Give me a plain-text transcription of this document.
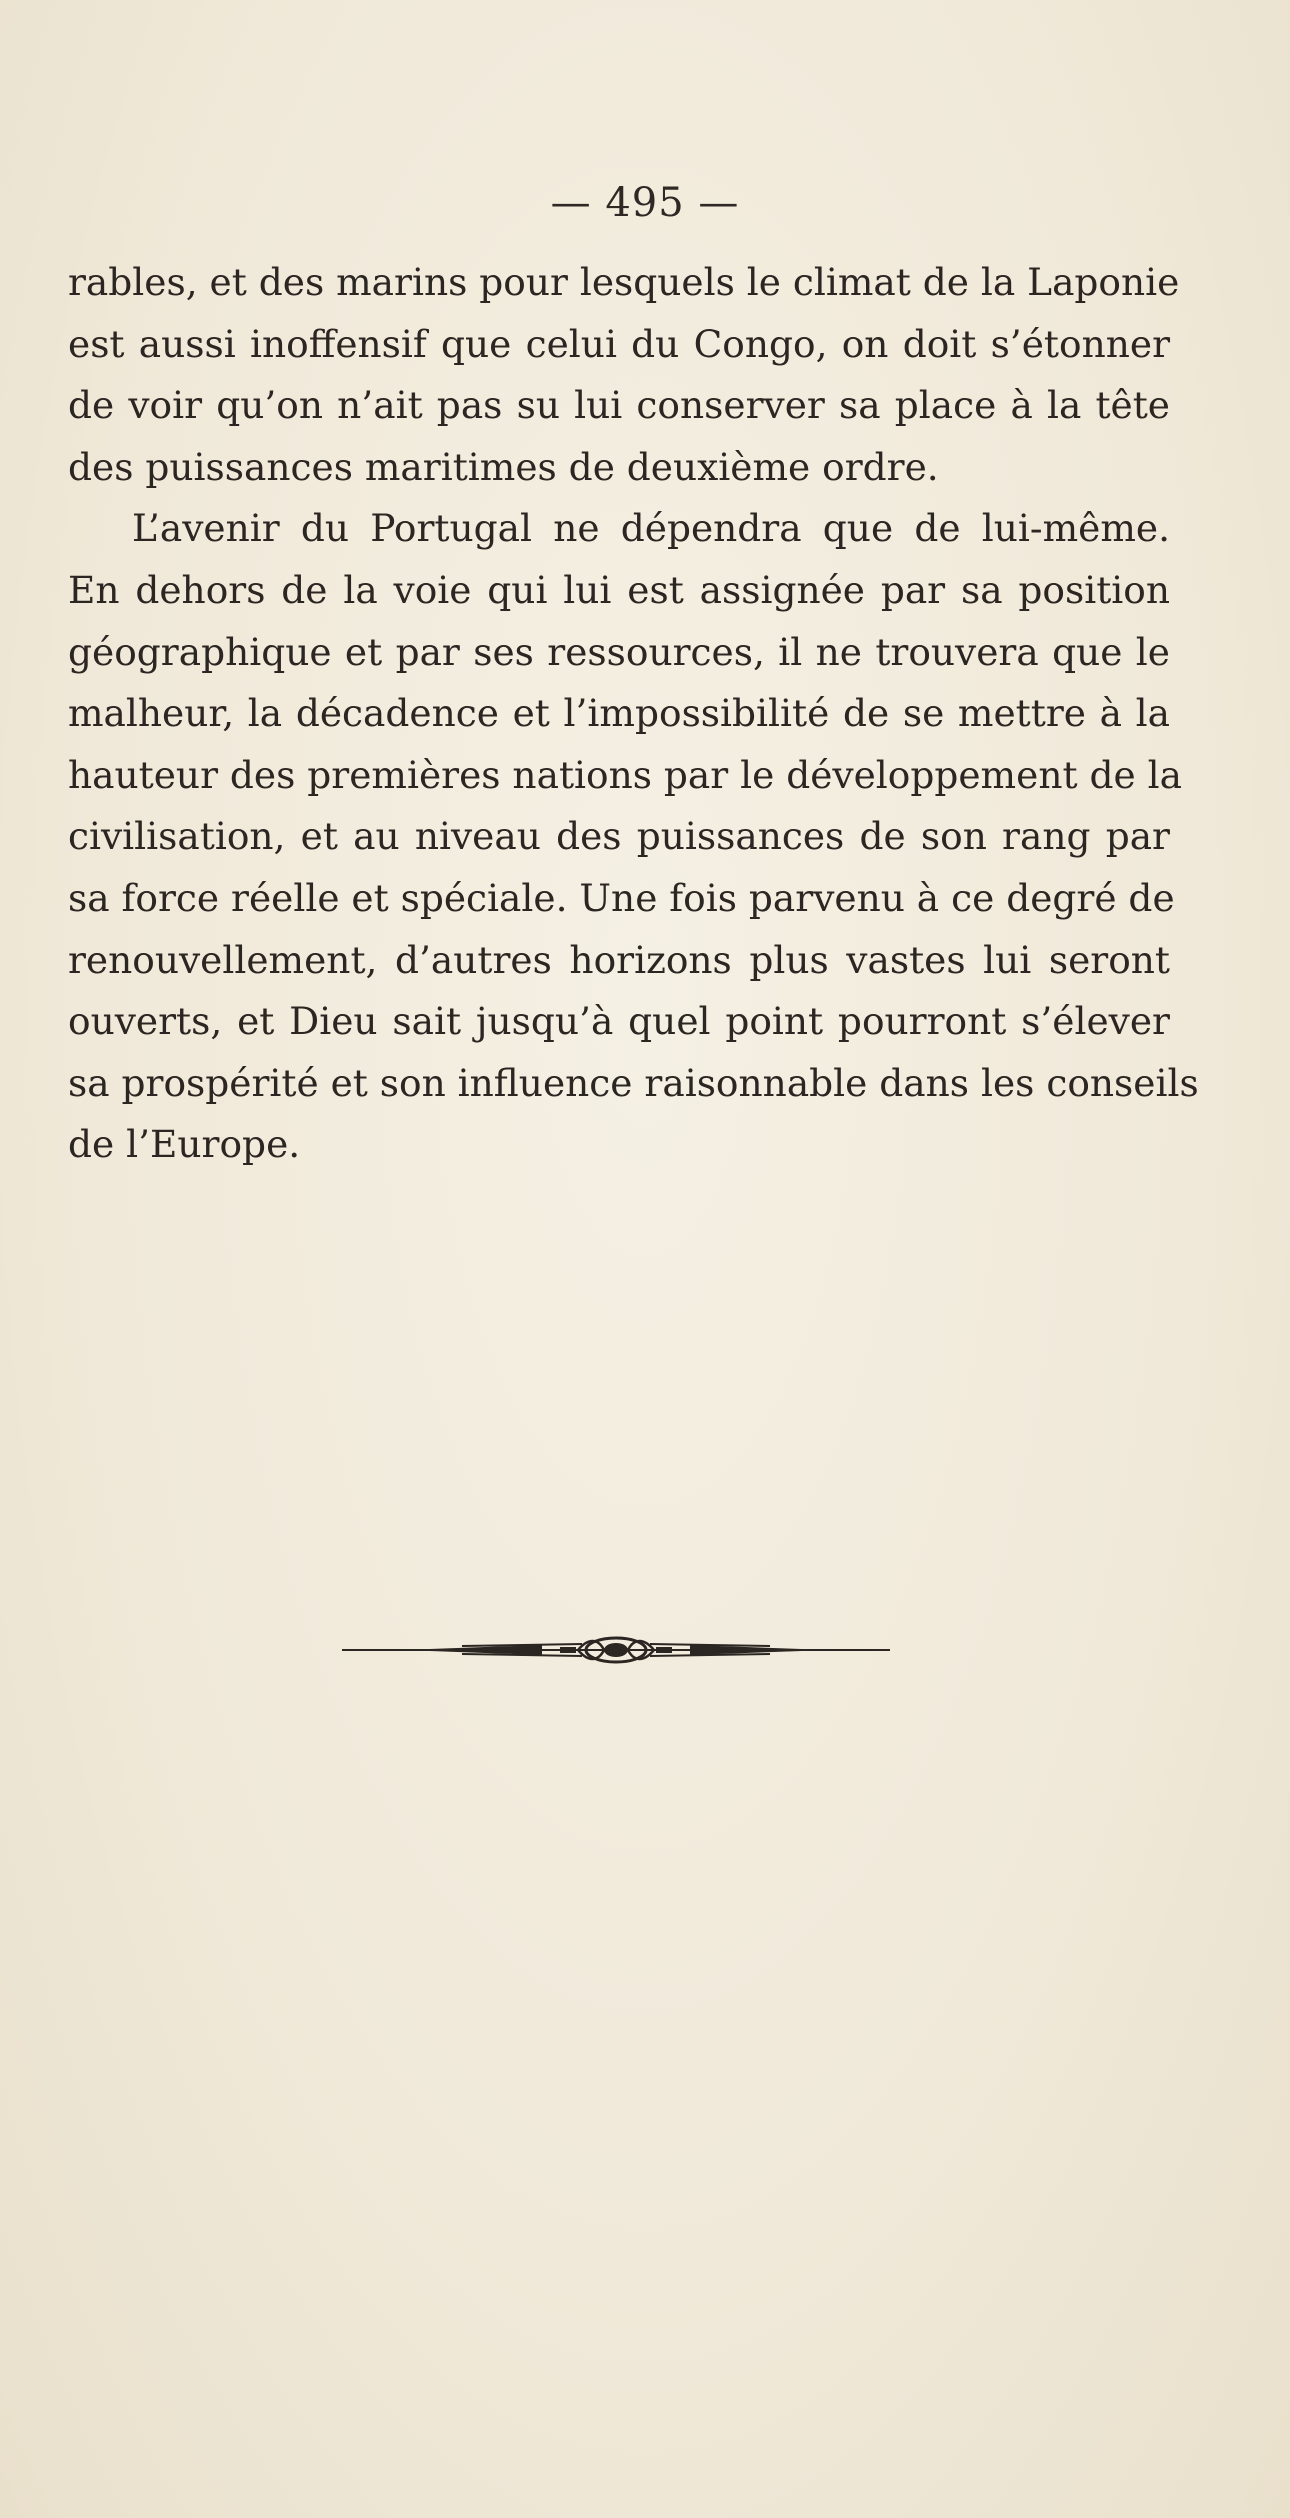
— 495 —
rables, et des marins pour lesquels le climat de la Laponie
est aussi inoffensif que celui du Congo, on doit s’étonner
de voir qu’on n’ait pas su lui conserver sa place à la tête
des puissances maritimes de deuxième ordre.
L’avenir du Portugal ne dépendra que de lui-même.
En dehors de la voie qui lui est assignée par sa position
géographique et par ses ressources, il ne trouvera que le
malheur, la décadence et l’impossibilité de se mettre à la
hauteur des premières nations par le développement de la
civilisation, et au niveau des puissances de son rang par
sa force réelle et spéciale. Une fois parvenu à ce degré de
renouvellement, d’autres horizons plus vastes lui seront
ouverts, et Dieu sait jusqu’à quel point pourront s’élever
sa prospérité et son influence raisonnable dans les conseils
de l’Europe.
